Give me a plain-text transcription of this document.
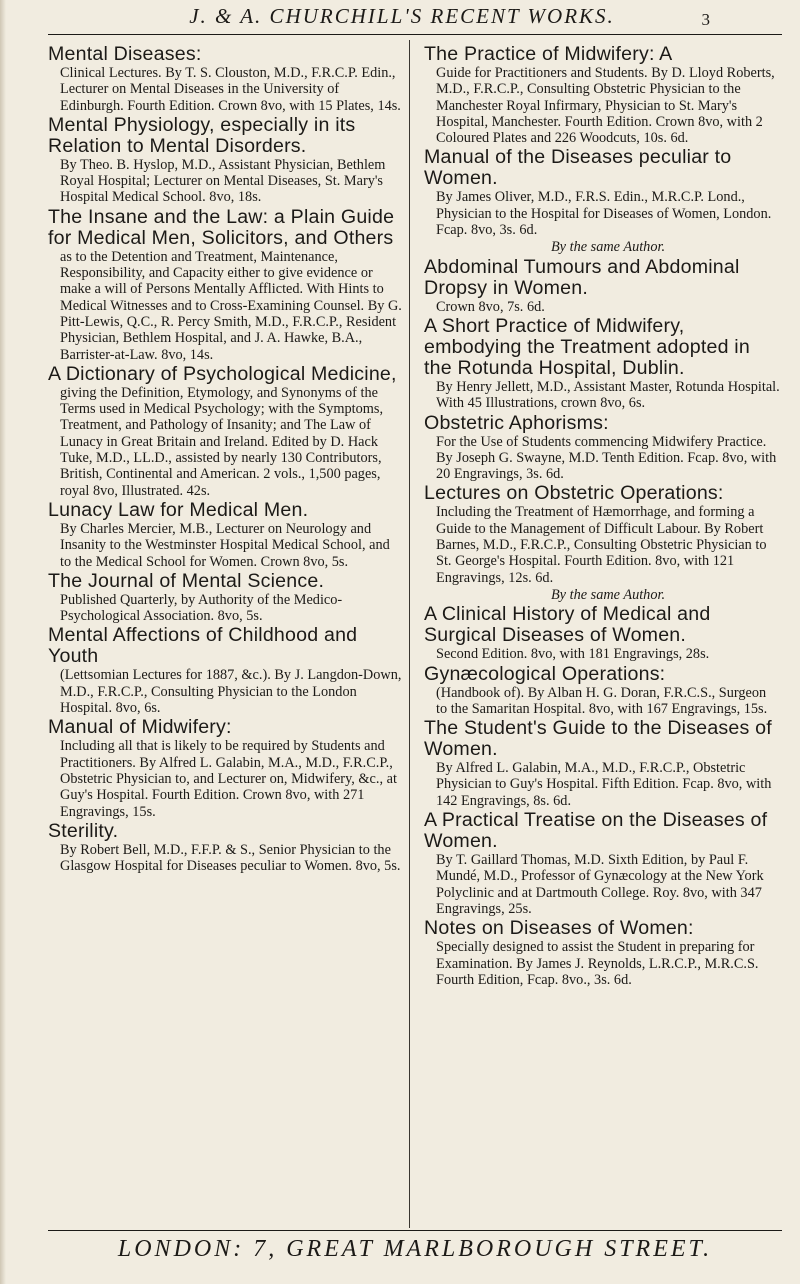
J. & A. CHURCHILL'S RECENT WORKS.	3

Mental Diseases:

Clinical Lectures. By T. S. Clouston, M.D., F.R.C.P. Edin., Lecturer on Mental Diseases in the University of Edinburgh. Fourth Edition. Crown 8vo, with 15 Plates, 14s.

Mental Physiology, especially in its Relation to Mental Disorders.

By Theo. B. Hyslop, M.D., Assistant Physician, Bethlem Royal Hospital; Lecturer on Mental Diseases, St. Mary's Hospital Medical School. 8vo, 18s.

The Insane and the Law: a Plain Guide for Medical Men, Solicitors, and Others

as to the Detention and Treatment, Maintenance, Responsibility, and Capacity either to give evidence or make a will of Persons Mentally Afflicted. With Hints to Medical Witnesses and to Cross-Examining Counsel. By G. Pitt-Lewis, Q.C., R. Percy Smith, M.D., F.R.C.P., Resident Physician, Bethlem Hospital, and J. A. Hawke, B.A., Barrister-at-Law. 8vo, 14s.

A Dictionary of Psychological Medicine,

giving the Definition, Etymology, and Synonyms of the Terms used in Medical Psychology; with the Symptoms, Treatment, and Pathology of Insanity; and The Law of Lunacy in Great Britain and Ireland. Edited by D. Hack Tuke, M.D., LL.D., assisted by nearly 130 Contributors, British, Continental and American. 2 vols., 1,500 pages, royal 8vo, Illustrated. 42s.

Lunacy Law for Medical Men.

By Charles Mercier, M.B., Lecturer on Neurology and Insanity to the Westminster Hospital Medical School, and to the Medical School for Women. Crown 8vo, 5s.

The Journal of Mental Science.

Published Quarterly, by Authority of the Medico-Psychological Association. 8vo, 5s.

Mental Affections of Childhood and Youth

(Lettsomian Lectures for 1887, &c.). By J. Langdon-Down, M.D., F.R.C.P., Consulting Physician to the London Hospital. 8vo, 6s.

Manual of Midwifery:

Including all that is likely to be required by Students and Practitioners. By Alfred L. Galabin, M.A., M.D., F.R.C.P., Obstetric Physician to, and Lecturer on, Midwifery, &c., at Guy's Hospital. Fourth Edition. Crown 8vo, with 271 Engravings, 15s.

Sterility.

By Robert Bell, M.D., F.F.P. & S., Senior Physician to the Glasgow Hospital for Diseases peculiar to Women. 8vo, 5s.

The Practice of Midwifery: A

Guide for Practitioners and Students. By D. Lloyd Roberts, M.D., F.R.C.P., Consulting Obstetric Physician to the Manchester Royal Infirmary, Physician to St. Mary's Hospital, Manchester. Fourth Edition. Crown 8vo, with 2 Coloured Plates and 226 Woodcuts, 10s. 6d.

Manual of the Diseases peculiar to Women.

By James Oliver, M.D., F.R.S. Edin., M.R.C.P. Lond., Physician to the Hospital for Diseases of Women, London. Fcap. 8vo, 3s. 6d.

By the same Author.

Abdominal Tumours and Abdominal Dropsy in Women.

Crown 8vo, 7s. 6d.

A Short Practice of Midwifery, embodying the Treatment adopted in the Rotunda Hospital, Dublin.

By Henry Jellett, M.D., Assistant Master, Rotunda Hospital. With 45 Illustrations, crown 8vo, 6s.

Obstetric Aphorisms:

For the Use of Students commencing Midwifery Practice. By Joseph G. Swayne, M.D. Tenth Edition. Fcap. 8vo, with 20 Engravings, 3s. 6d.

Lectures on Obstetric Operations:

Including the Treatment of Hæmorrhage, and forming a Guide to the Management of Difficult Labour. By Robert Barnes, M.D., F.R.C.P., Consulting Obstetric Physician to St. George's Hospital. Fourth Edition. 8vo, with 121 Engravings, 12s. 6d.

By the same Author.

A Clinical History of Medical and Surgical Diseases of Women.

Second Edition. 8vo, with 181 Engravings, 28s.

Gynæcological Operations:

(Handbook of). By Alban H. G. Doran, F.R.C.S., Surgeon to the Samaritan Hospital. 8vo, with 167 Engravings, 15s.

The Student's Guide to the Diseases of Women.

By Alfred L. Galabin, M.A., M.D., F.R.C.P., Obstetric Physician to Guy's Hospital. Fifth Edition. Fcap. 8vo, with 142 Engravings, 8s. 6d.

A Practical Treatise on the Diseases of Women.

By T. Gaillard Thomas, M.D. Sixth Edition, by Paul F. Mundé, M.D., Professor of Gynæcology at the New York Polyclinic and at Dartmouth College. Roy. 8vo, with 347 Engravings, 25s.

Notes on Diseases of Women:

Specially designed to assist the Student in preparing for Examination. By James J. Reynolds, L.R.C.P., M.R.C.S. Fourth Edition, Fcap. 8vo., 3s. 6d.

LONDON: 7, GREAT MARLBOROUGH STREET.
